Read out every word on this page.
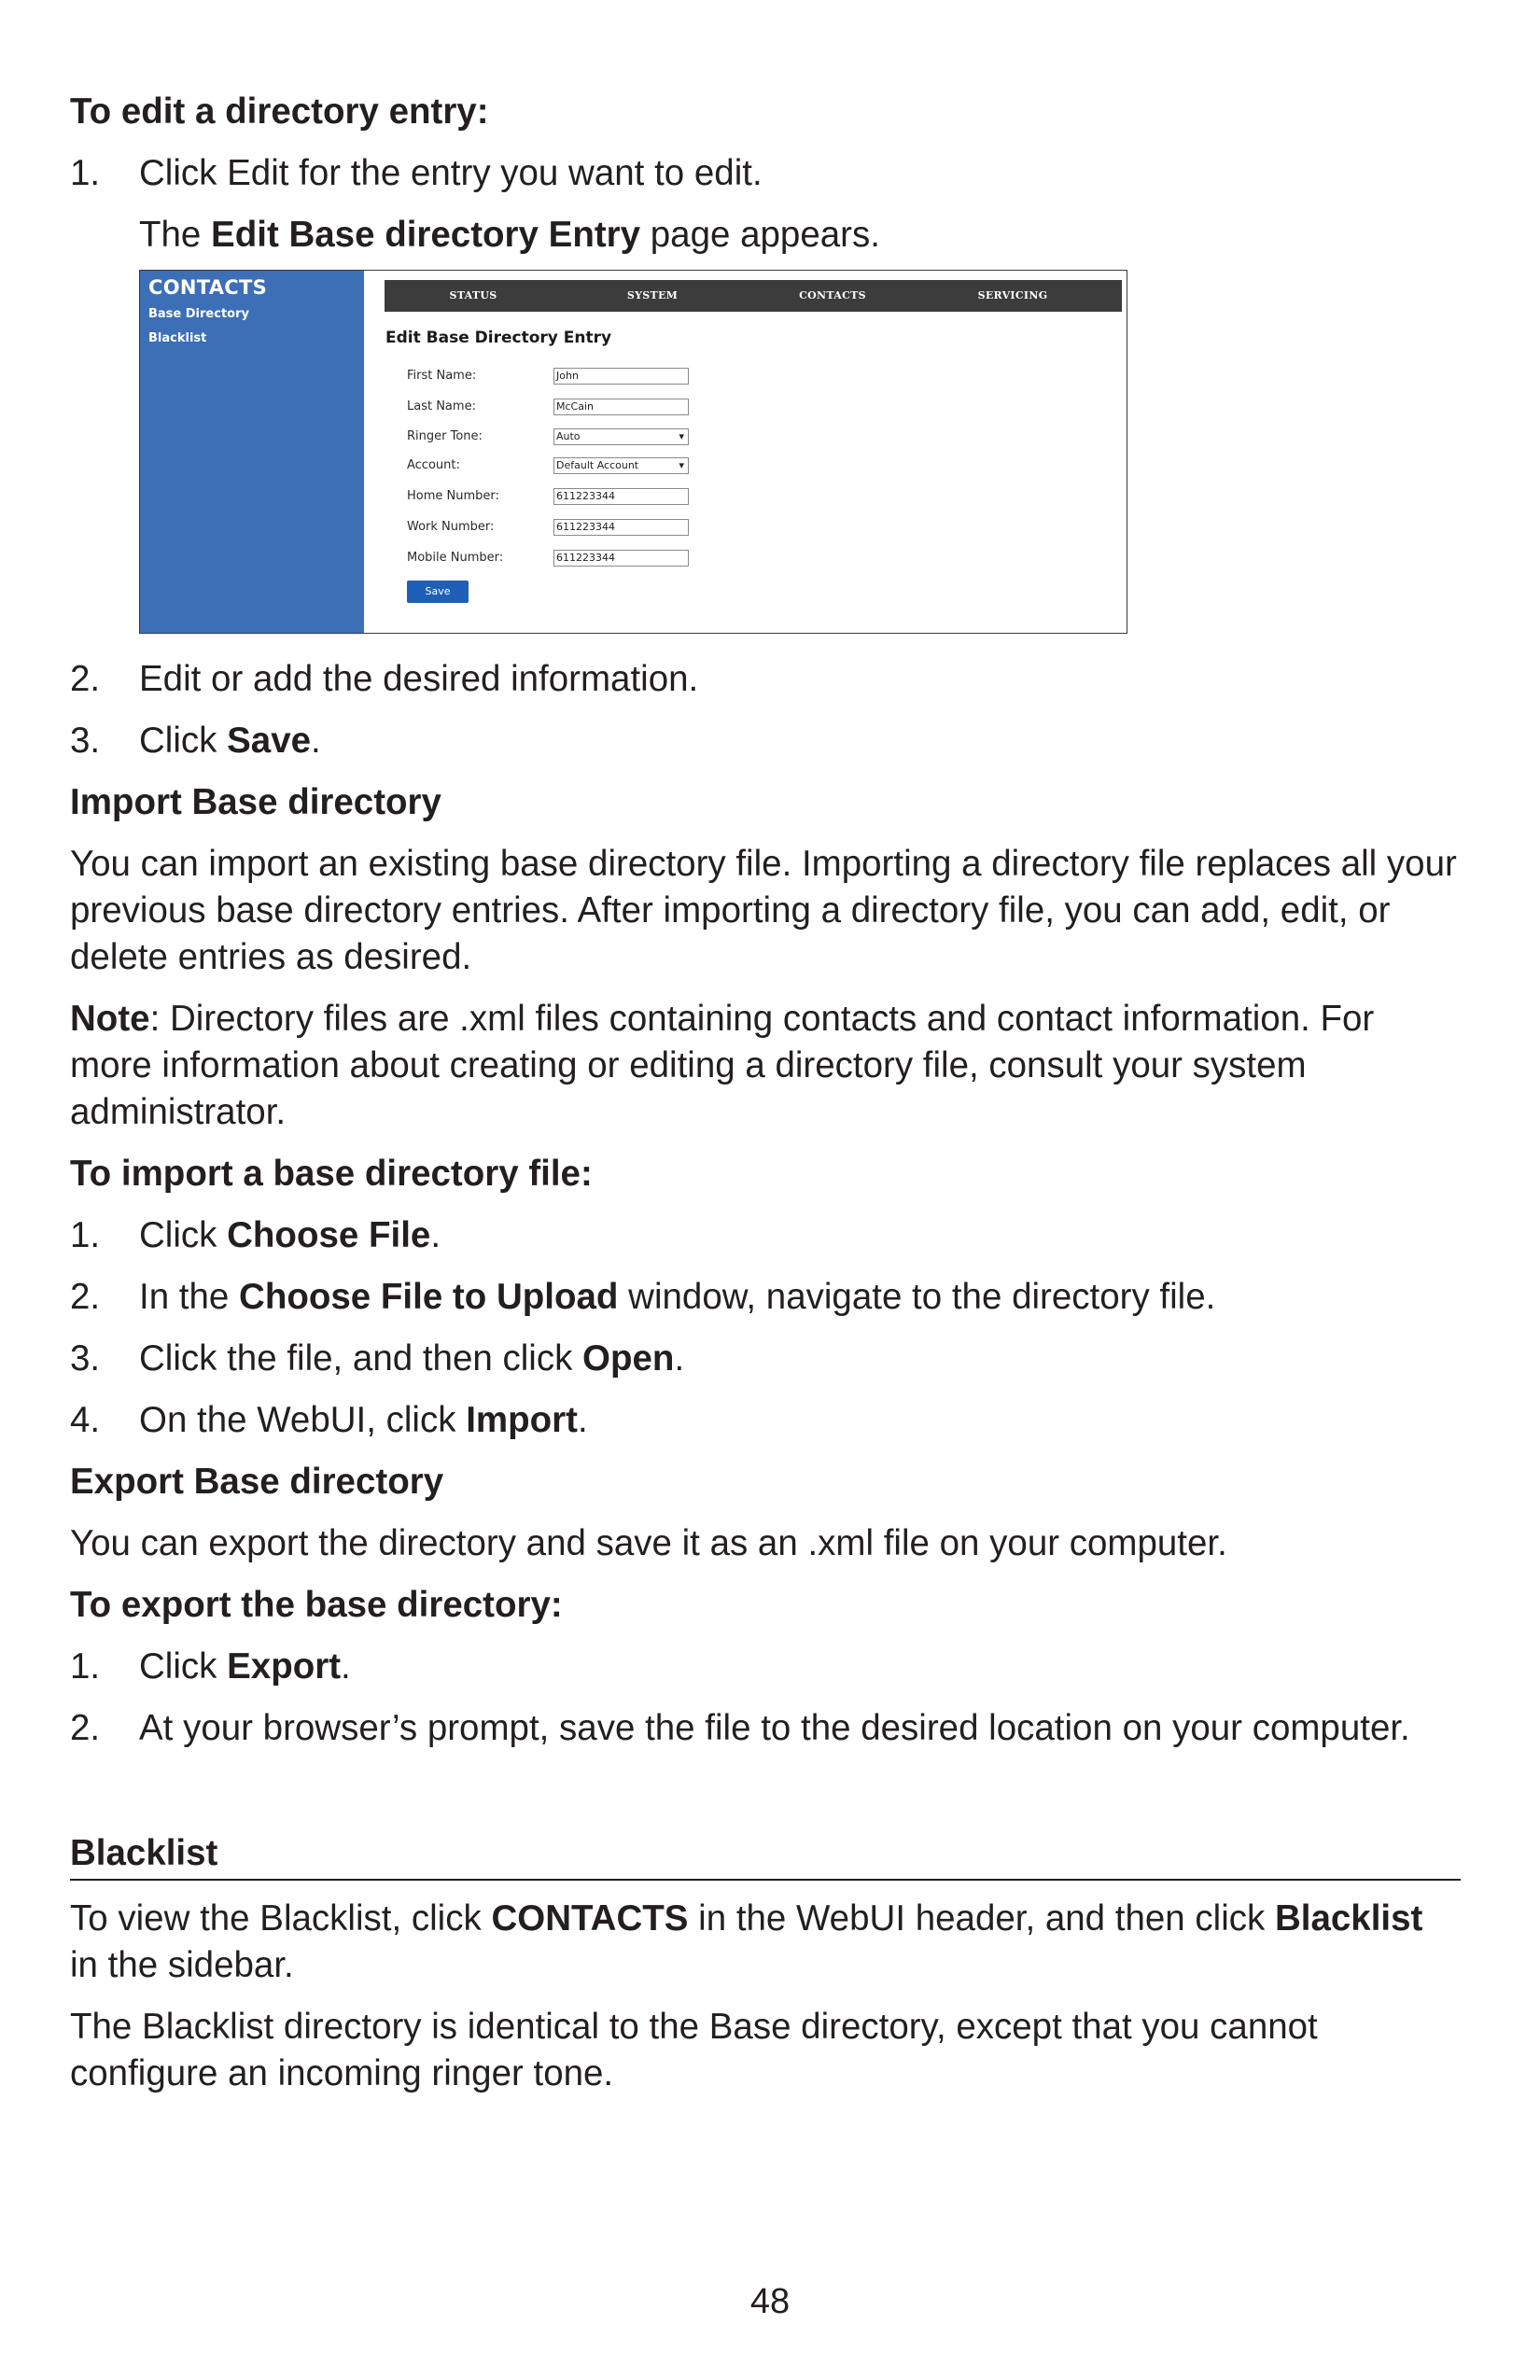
To edit a directory entry:

1. Click Edit for the entry you want to edit.
The Edit Base directory Entry page appears.
CONTACTS
Base Directory
Blacklist
STATUS	SYSTEM	CONTACTS	SERVICING
Edit Base Directory Entry
First Name:	John
Last Name:	McCain
Ringer Tone:	Auto ▾
Account:	Default Account ▾
Home Number:	611223344
Work Number:	611223344
Mobile Number:	611223344
Save
2. Edit or add the desired information.
3. Click Save.

Import Base directory

You can import an existing base directory file. Importing a directory file replaces all your previous base directory entries. After importing a directory file, you can add, edit, or delete entries as desired.

Note: Directory files are .xml files containing contacts and contact information. For more information about creating or editing a directory file, consult your system administrator.

To import a base directory file:

1. Click Choose File.
2. In the Choose File to Upload window, navigate to the directory file.
3. Click the file, and then click Open.
4. On the WebUI, click Import.

Export Base directory

You can export the directory and save it as an .xml file on your computer.

To export the base directory:

1. Click Export.
2. At your browser’s prompt, save the file to the desired location on your computer.

Blacklist

To view the Blacklist, click CONTACTS in the WebUI header, and then click Blacklist in the sidebar.

The Blacklist directory is identical to the Base directory, except that you cannot configure an incoming ringer tone.

48
